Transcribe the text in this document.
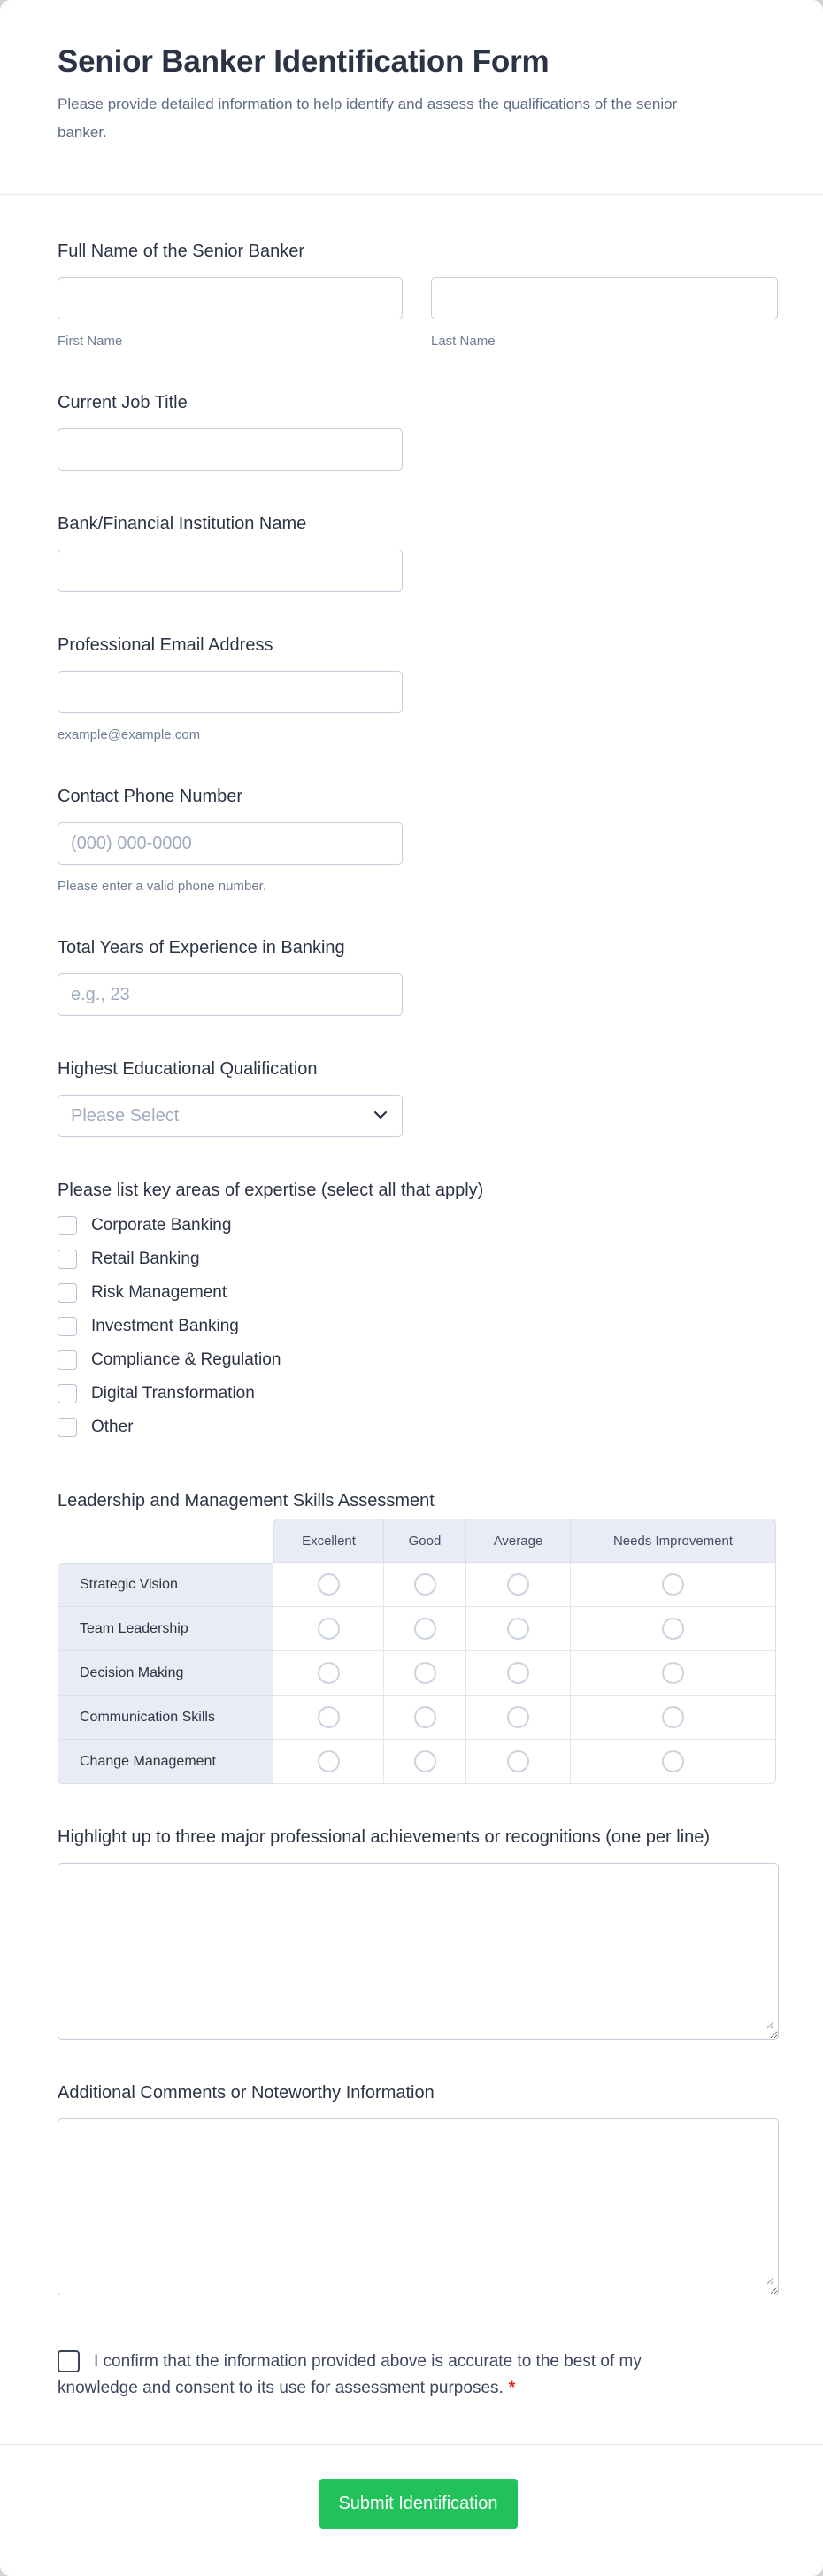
Senior Banker Identification Form
Please provide detailed information to help identify and assess the qualifications of the senior banker.
Full Name of the Senior Banker
First Name	Last Name
Current Job Title
Bank/Financial Institution Name
Professional Email Address
example@example.com
Contact Phone Number
(000) 000-0000
Please enter a valid phone number.
Total Years of Experience in Banking
e.g., 23
Highest Educational Qualification
Please Select
Please list key areas of expertise (select all that apply)
Corporate Banking
Retail Banking
Risk Management
Investment Banking
Compliance & Regulation
Digital Transformation
Other
Leadership and Management Skills Assessment
Excellent	Good	Average	Needs Improvement
Strategic Vision
Team Leadership
Decision Making
Communication Skills
Change Management
Highlight up to three major professional achievements or recognitions (one per line)
Additional Comments or Noteworthy Information
I confirm that the information provided above is accurate to the best of my knowledge and consent to its use for assessment purposes. *
Submit Identification
